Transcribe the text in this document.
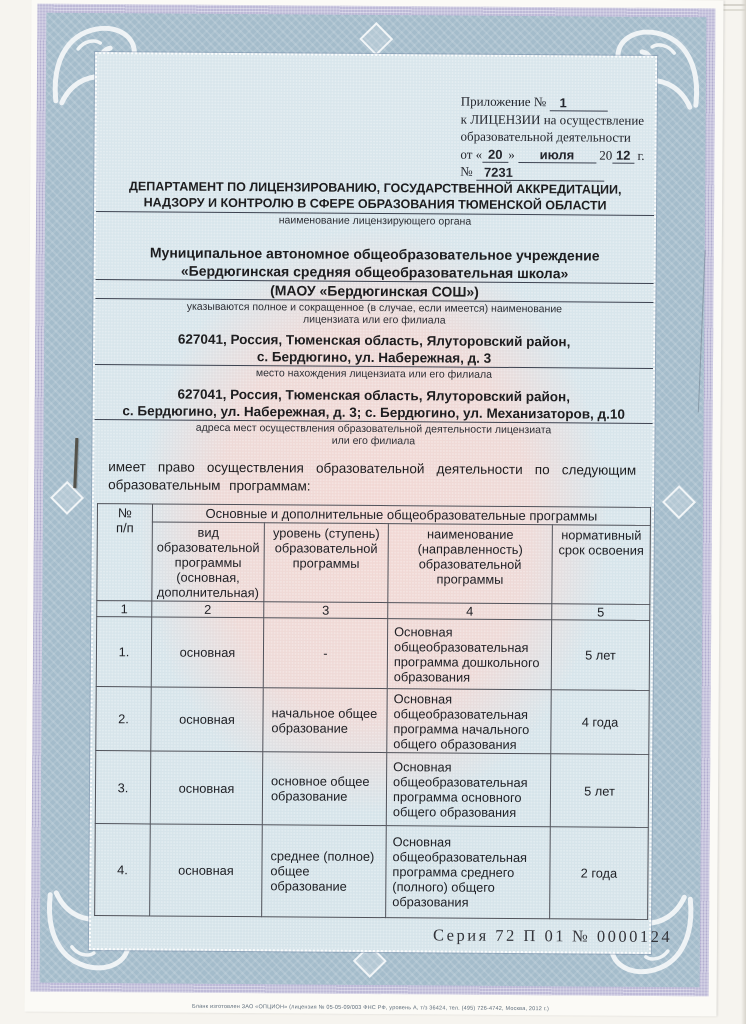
Приложение № 1
к ЛИЦЕНЗИИ на осуществление
образовательной деятельности
от « 20 » июля 20 12 г.
№ 7231
ДЕПАРТАМЕНТ ПО ЛИЦЕНЗИРОВАНИЮ, ГОСУДАРСТВЕННОЙ АККРЕДИТАЦИИ,
НАДЗОРУ И КОНТРОЛЮ В СФЕРЕ ОБРАЗОВАНИЯ ТЮМЕНСКОЙ ОБЛАСТИ
наименование лицензирующего органа
Муниципальное автономное общеобразовательное учреждение
«Бердюгинская средняя общеобразовательная школа»
(МАОУ «Бердюгинская СОШ»)
указываются полное и сокращенное (в случае, если имеется) наименование
лицензиата или его филиала
627041, Россия, Тюменская область, Ялуторовский район,
с. Бердюгино, ул. Набережная, д. 3
место нахождения лицензиата или его филиала
627041, Россия, Тюменская область, Ялуторовский район,
с. Бердюгино, ул. Набережная, д. 3; с. Бердюгино, ул. Механизаторов, д.10
адреса мест осуществления образовательной деятельности лицензиата
или его филиала
имеет право осуществления образовательной деятельности по следующим образовательным программам:
№
п/п	Основные и дополнительные общеобразовательные программы			
	вид образовательной программы (основная, дополнительная)	уровень (ступень) образовательной программы	наименование (направленность) образовательной программы	нормативный срок освоения
1	2	3	4	5
1.	основная	-	Основная общеобразовательная программа дошкольного образования	5 лет
2.	основная	начальное общее образование	Основная общеобразовательная программа начального общего образования	4 года
3.	основная	основное общее образование	Основная общеобразовательная программа основного общего образования	5 лет
4.	основная	среднее (полное) общее образование	Основная общеобразовательная программа среднего (полного) общего образования	2 года
Серия 72 П 01 № 0000124
Бланк изготовлен ЗАО «ОПЦИОН» (лицензия № 05-05-09/003 ФНС РФ, уровень А, т/з 36424, тел. (495) 726-4742, Москва, 2012 г.)
